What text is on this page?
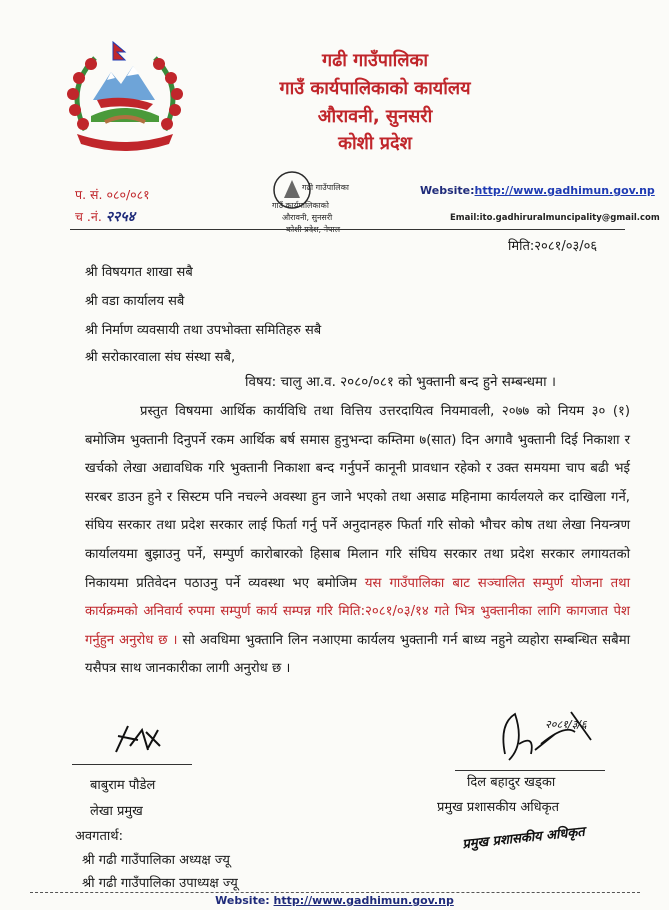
गढी गाउँपालिका
गाउँ कार्यपालिकाको कार्यालय
औरावनी, सुनसरी
कोशी प्रदेश
प. सं. ०८०/०८१
च .नं. २२५४
गढी गाउँपालिका
गाउँ कार्यपालिकाको
औरावनी, सुनसरी
कोशी प्रदेश, नेपाल
Website:http://www.gadhimun.gov.np
Email:ito.gadhiruralmuncipality@gmail.com
मिति:२०८१/०३/०६
श्री विषयगत शाखा सबै
श्री वडा कार्यालय सबै
श्री निर्माण व्यवसायी तथा उपभोक्ता समितिहरु सबै
श्री सरोकारवाला संघ संस्था सबै,
विषय: चालु आ.व. २०८०/०८१ को भुक्तानी बन्द हुने सम्बन्धमा ।
प्रस्तुत विषयमा आर्थिक कार्यविधि तथा वित्तिय उत्तरदायित्व नियमावली, २०७७ को नियम ३० (१) बमोजिम भुक्तानी दिनुपर्ने रकम आर्थिक बर्ष समास हुनुभन्दा कम्तिमा ७(सात) दिन अगावै भुक्तानी दिई निकाशा र खर्चको लेखा अद्यावधिक गरि भुक्तानी निकाशा बन्द गर्नुपर्ने कानूनी प्रावधान रहेको र उक्त समयमा चाप बढी भई सरबर डाउन हुने र सिस्टम पनि नचल्ने अवस्था हुन जाने भएको तथा असाढ महिनामा कार्यलयले कर दाखिला गर्ने, संघिय सरकार तथा प्रदेश सरकार लाई फिर्ता गर्नु पर्ने अनुदानहरु फिर्ता गरि सोको भौचर कोष तथा लेखा नियन्त्रण कार्यालयमा बुझाउनु पर्ने, सम्पुर्ण कारोबारको हिसाब मिलान गरि संघिय सरकार तथा प्रदेश सरकार लगायतको निकायमा प्रतिवेदन पठाउनु पर्ने व्यवस्था भए बमोजिम यस गाउँपालिका बाट सञ्चालित सम्पुर्ण योजना तथा कार्यक्रमको अनिवार्य रुपमा सम्पुर्ण कार्य सम्पन्न गरि मिति:२०८१/०३/१४ गते भित्र भुक्तानीका लागि कागजात पेश गर्नुहुन अनुरोध छ । सो अवधिमा भुक्तानि लिन नआएमा कार्यलय भुक्तानी गर्न बाध्य नहुने व्यहोरा सम्बन्धित सबैमा यसैपत्र साथ जानकारीका लागी अनुरोध छ ।
बाबुराम पौडेल
लेखा प्रमुख
२०८१/३/६
दिल बहादुर खड्का
प्रमुख प्रशासकीय अधिकृत
प्रमुख प्रशासकीय अधिकृत
अवगतार्थ:
श्री गढी गाउँपालिका अध्यक्ष ज्यू
श्री गढी गाउँपालिका उपाध्यक्ष ज्यू
Website: http://www.gadhimun.gov.np
